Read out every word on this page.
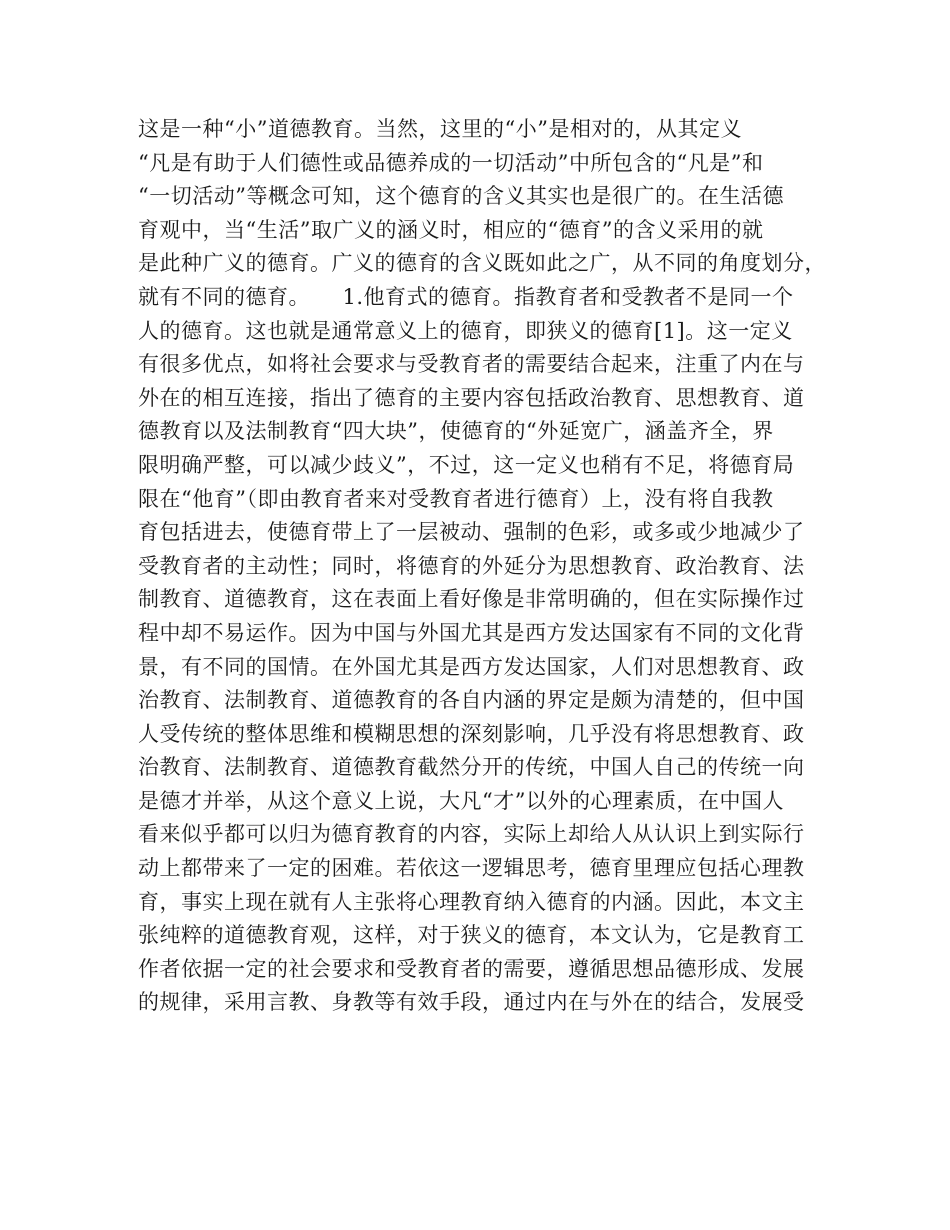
这是一种“小”道德教育。当然，这里的“小”是相对的，从其定义
“凡是有助于人们德性或品德养成的一切活动”中所包含的“凡是”和
“一切活动”等概念可知，这个德育的含义其实也是很广的。在生活德
育观中，当“生活”取广义的涵义时，相应的“德育”的含义采用的就
是此种广义的德育。广义的德育的含义既如此之广，从不同的角度划分，
就有不同的德育。　　1.他育式的德育。指教育者和受教者不是同一个
人的德育。这也就是通常意义上的德育，即狭义的德育[1]。这一定义
有很多优点，如将社会要求与受教育者的需要结合起来，注重了内在与
外在的相互连接，指出了德育的主要内容包括政治教育、思想教育、道
德教育以及法制教育“四大块”，使德育的“外延宽广，涵盖齐全，界
限明确严整，可以减少歧义”，不过，这一定义也稍有不足，将德育局
限在“他育”（即由教育者来对受教育者进行德育）上，没有将自我教
育包括进去，使德育带上了一层被动、强制的色彩，或多或少地减少了
受教育者的主动性；同时，将德育的外延分为思想教育、政治教育、法
制教育、道德教育，这在表面上看好像是非常明确的，但在实际操作过
程中却不易运作。因为中国与外国尤其是西方发达国家有不同的文化背
景，有不同的国情。在外国尤其是西方发达国家，人们对思想教育、政
治教育、法制教育、道德教育的各自内涵的界定是颇为清楚的，但中国
人受传统的整体思维和模糊思想的深刻影响，几乎没有将思想教育、政
治教育、法制教育、道德教育截然分开的传统，中国人自己的传统一向
是德才并举，从这个意义上说，大凡“才”以外的心理素质，在中国人
看来似乎都可以归为德育教育的内容，实际上却给人从认识上到实际行
动上都带来了一定的困难。若依这一逻辑思考，德育里理应包括心理教
育，事实上现在就有人主张将心理教育纳入德育的内涵。因此，本文主
张纯粹的道德教育观，这样，对于狭义的德育，本文认为，它是教育工
作者依据一定的社会要求和受教育者的需要，遵循思想品德形成、发展
的规律，采用言教、身教等有效手段，通过内在与外在的结合，发展受
